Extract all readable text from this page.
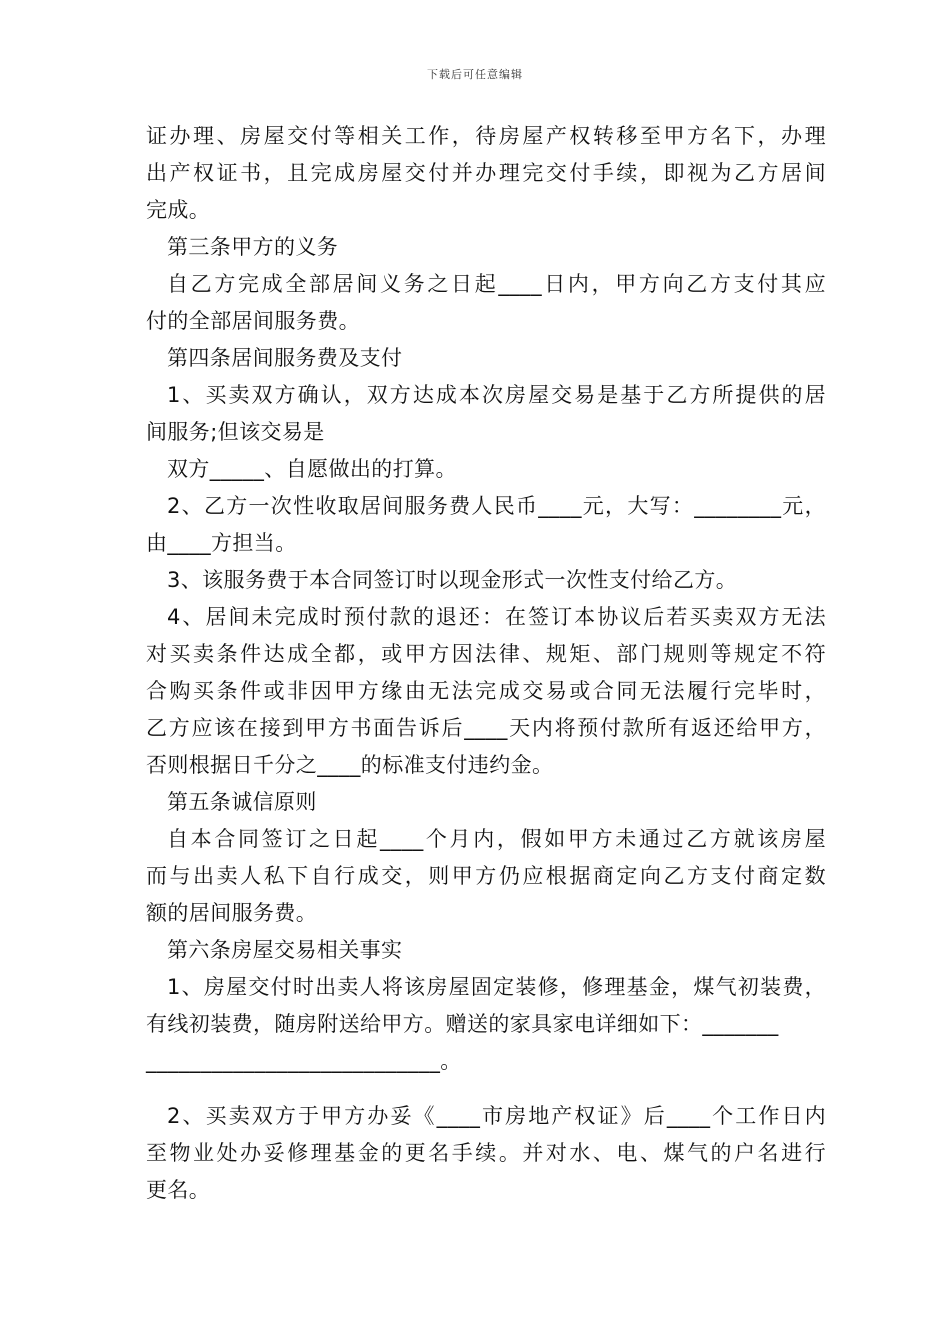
下载后可任意编辑
证办理、房屋交付等相关工作，待房屋产权转移至甲方名下，办理
出产权证书，且完成房屋交付并办理完交付手续，即视为乙方居间
完成。
第三条甲方的义务
自乙方完成全部居间义务之日起____日内，甲方向乙方支付其应
付的全部居间服务费。
第四条居间服务费及支付
1、买卖双方确认，双方达成本次房屋交易是基于乙方所提供的居
间服务;但该交易是
双方_____、自愿做出的打算。
2、乙方一次性收取居间服务费人民币____元，大写：________元，
由____方担当。
3、该服务费于本合同签订时以现金形式一次性支付给乙方。
4、居间未完成时预付款的退还：在签订本协议后若买卖双方无法
对买卖条件达成全都，或甲方因法律、规矩、部门规则等规定不符
合购买条件或非因甲方缘由无法完成交易或合同无法履行完毕时，
乙方应该在接到甲方书面告诉后____天内将预付款所有返还给甲方，
否则根据日千分之____的标准支付违约金。
第五条诚信原则
自本合同签订之日起____个月内，假如甲方未通过乙方就该房屋
而与出卖人私下自行成交，则甲方仍应根据商定向乙方支付商定数
额的居间服务费。
第六条房屋交易相关事实
1、房屋交付时出卖人将该房屋固定装修，修理基金，煤气初装费，
有线初装费，随房附送给甲方。赠送的家具家电详细如下：_______
___________________________。
2、买卖双方于甲方办妥《____市房地产权证》后____个工作日内
至物业处办妥修理基金的更名手续。并对水、电、煤气的户名进行
更名。
